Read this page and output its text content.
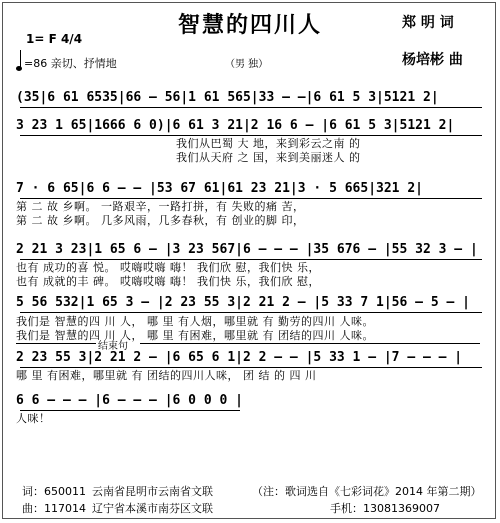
智慧的四川人	郑 明 词
1= F 4/4
杨培彬 曲
=86 亲切、抒情地	（男 独）
(35|6 61 6535|66 — 56|1 61 565|33 — —|6 61 5 3|5121 2|
3 23 1 65|1666 6 0)|6 61 3 21|2 16 6 — |6 61 5 3|5121 2|
我们从巴蜀 大 地，来到彩云之南 的
我们从天府 之 国，来到美丽迷人 的
7 · 6 65|6 6 — — |53 67 61|61 23 21|3 · 5 665|321 2|
第 二 故 乡啊。 一路艰辛，一路打拼，有 失败的痛 苦，
第 二 故 乡啊。 几多风雨，几多春秋，有 创业的脚 印，
2 21 3 23|1 65 6 — |3 23 567|6 — — — |35 676 — |55 32 3 — |
也有 成功的喜 悦。 哎嗨哎嗨 嗨！ 我们欣 慰，我们快 乐，
也有 成就的丰 碑。 哎嗨哎嗨 嗨！ 我们快 乐，我们欣 慰，
5 56 532|1 65 3 — |2 23 55 3|2 21 2 — |5 33 7 1|56 — 5 — |
我们是 智慧的四 川 人， 哪 里 有人烟，哪里就 有 勤劳的四川 人咪。
我们是 智慧的四 川 人， 哪 里 有困难，哪里就 有 团结的四川 人咪。
结束句
2 23 55 3|2 21 2 — |6 65 6 1|2 2 — — |5 33 1 — |7 — — — |
哪 里 有困难，哪里就 有 团结的四川人咪， 团 结 的 四 川
6 6 — — — |6 — — — |6 0 0 0 |
人咪！
词：650011 云南省昆明市云南省文联	（注：歌词选自《七彩词花》2014 年第二期）
曲：117014 辽宁省本溪市南芬区文联	手机：13081369007
